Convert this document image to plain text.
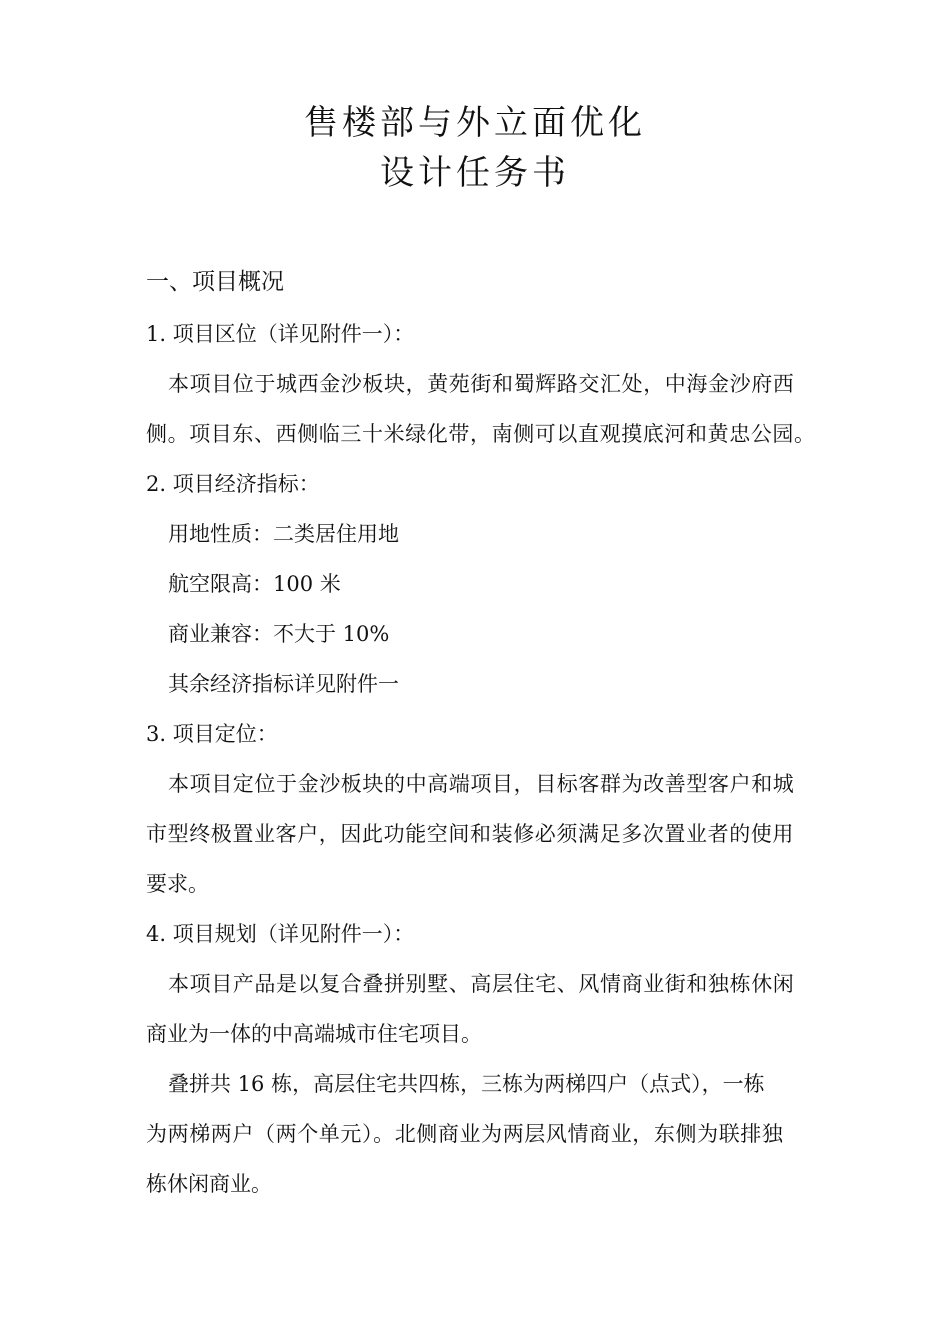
售楼部与外立面优化
设计任务书
一、项目概况
1. 项目区位（详见附件一）：
本项目位于城西金沙板块，黄苑街和蜀辉路交汇处，中海金沙府西
侧。项目东、西侧临三十米绿化带，南侧可以直观摸底河和黄忠公园。
2. 项目经济指标：
用地性质：二类居住用地
航空限高：100 米
商业兼容：不大于 10%
其余经济指标详见附件一
3. 项目定位：
本项目定位于金沙板块的中高端项目，目标客群为改善型客户和城
市型终极置业客户，因此功能空间和装修必须满足多次置业者的使用
要求。
4. 项目规划（详见附件一）：
本项目产品是以复合叠拼别墅、高层住宅、风情商业街和独栋休闲
商业为一体的中高端城市住宅项目。
叠拼共 16 栋，高层住宅共四栋，三栋为两梯四户（点式），一栋
为两梯两户（两个单元）。北侧商业为两层风情商业，东侧为联排独
栋休闲商业。
